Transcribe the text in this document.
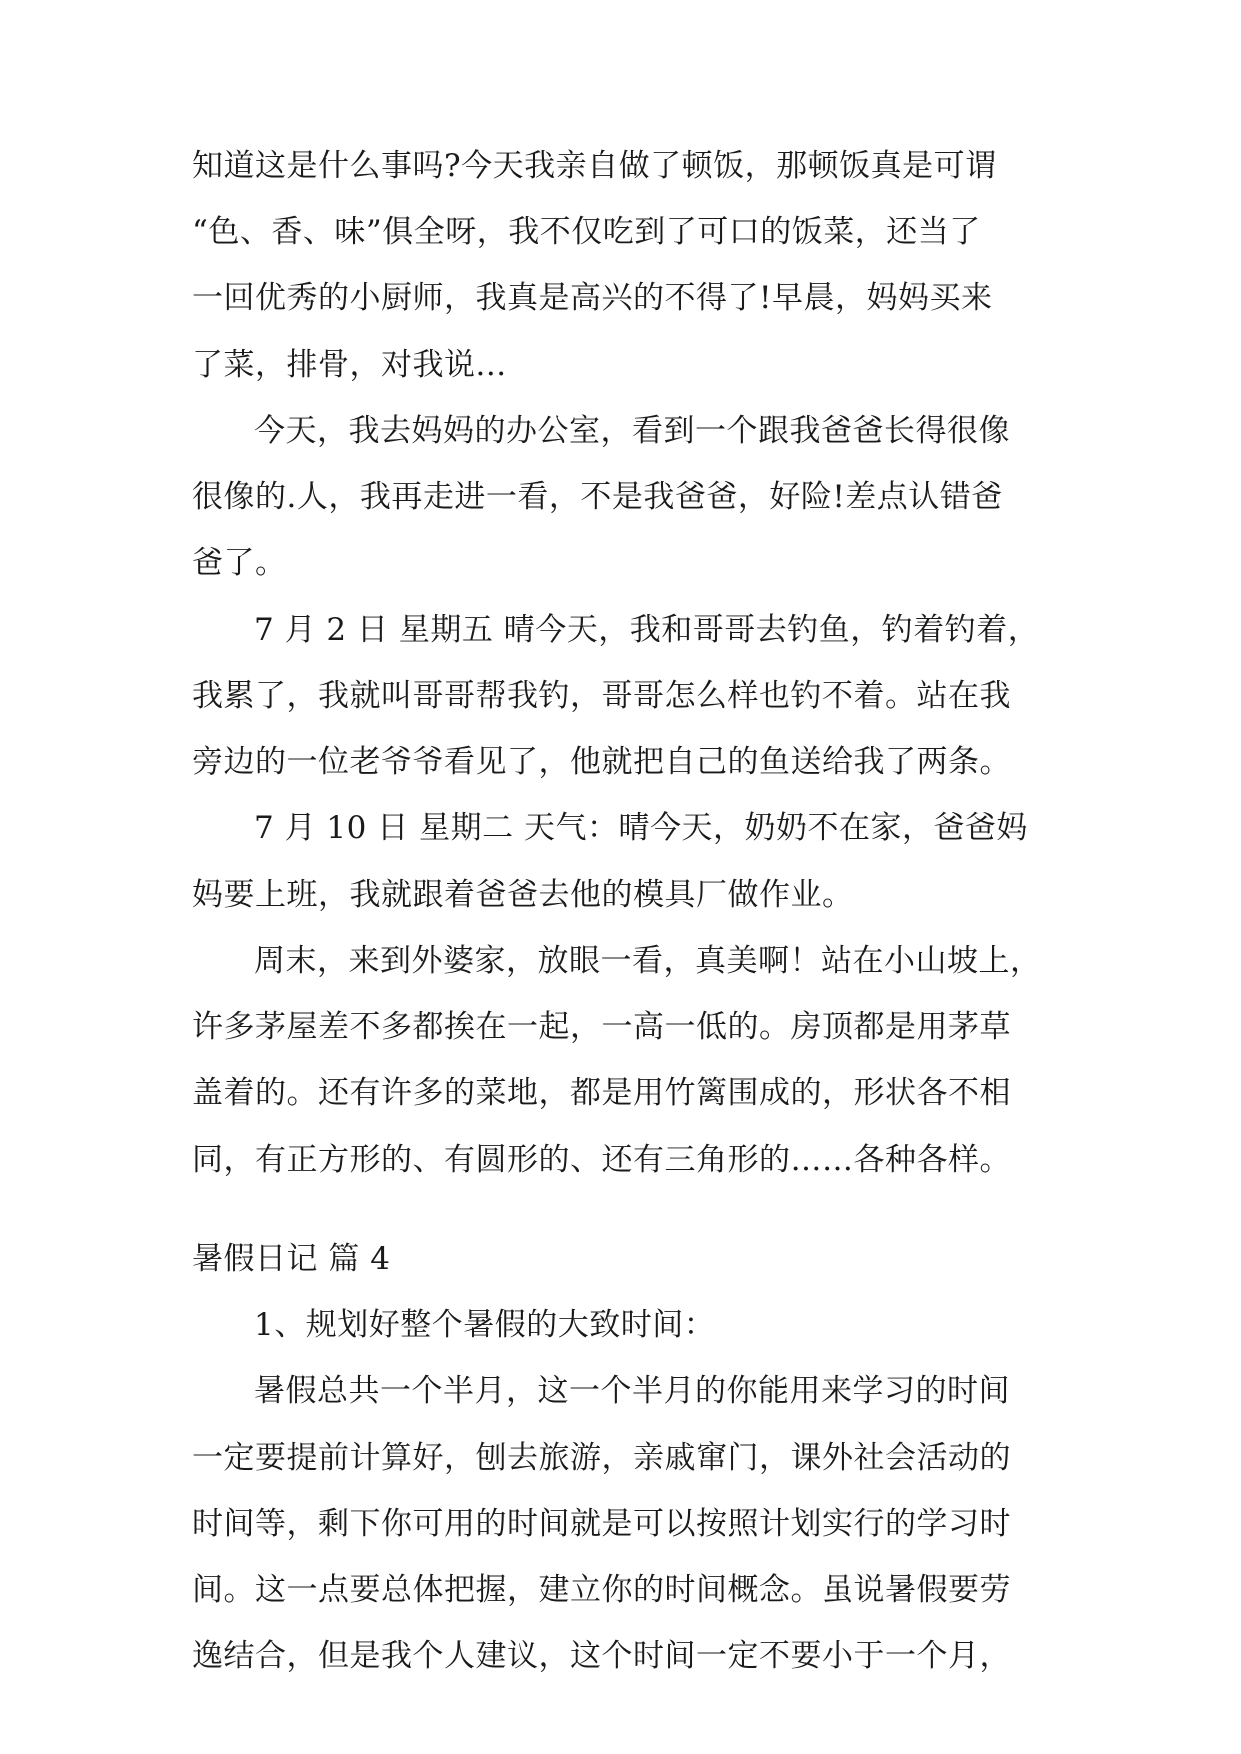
知道这是什么事吗?今天我亲自做了顿饭，那顿饭真是可谓
“色、香、味”俱全呀，我不仅吃到了可口的饭菜，还当了
一回优秀的小厨师，我真是高兴的不得了!早晨，妈妈买来
了菜，排骨，对我说...
今天，我去妈妈的办公室，看到一个跟我爸爸长得很像
很像的.人，我再走进一看，不是我爸爸，好险!差点认错爸
爸了。
7 月 2 日 星期五 晴今天，我和哥哥去钓鱼，钓着钓着，
我累了，我就叫哥哥帮我钓，哥哥怎么样也钓不着。站在我
旁边的一位老爷爷看见了，他就把自己的鱼送给我了两条。
7 月 10 日 星期二 天气：晴今天，奶奶不在家，爸爸妈
妈要上班，我就跟着爸爸去他的模具厂做作业。
周末，来到外婆家，放眼一看，真美啊！站在小山坡上，
许多茅屋差不多都挨在一起，一高一低的。房顶都是用茅草
盖着的。还有许多的菜地，都是用竹篱围成的，形状各不相
同，有正方形的、有圆形的、还有三角形的……各种各样。
暑假日记 篇 4
1、规划好整个暑假的大致时间：
暑假总共一个半月，这一个半月的你能用来学习的时间
一定要提前计算好，刨去旅游，亲戚窜门，课外社会活动的
时间等，剩下你可用的时间就是可以按照计划实行的学习时
间。这一点要总体把握，建立你的时间概念。虽说暑假要劳
逸结合，但是我个人建议，这个时间一定不要小于一个月，
